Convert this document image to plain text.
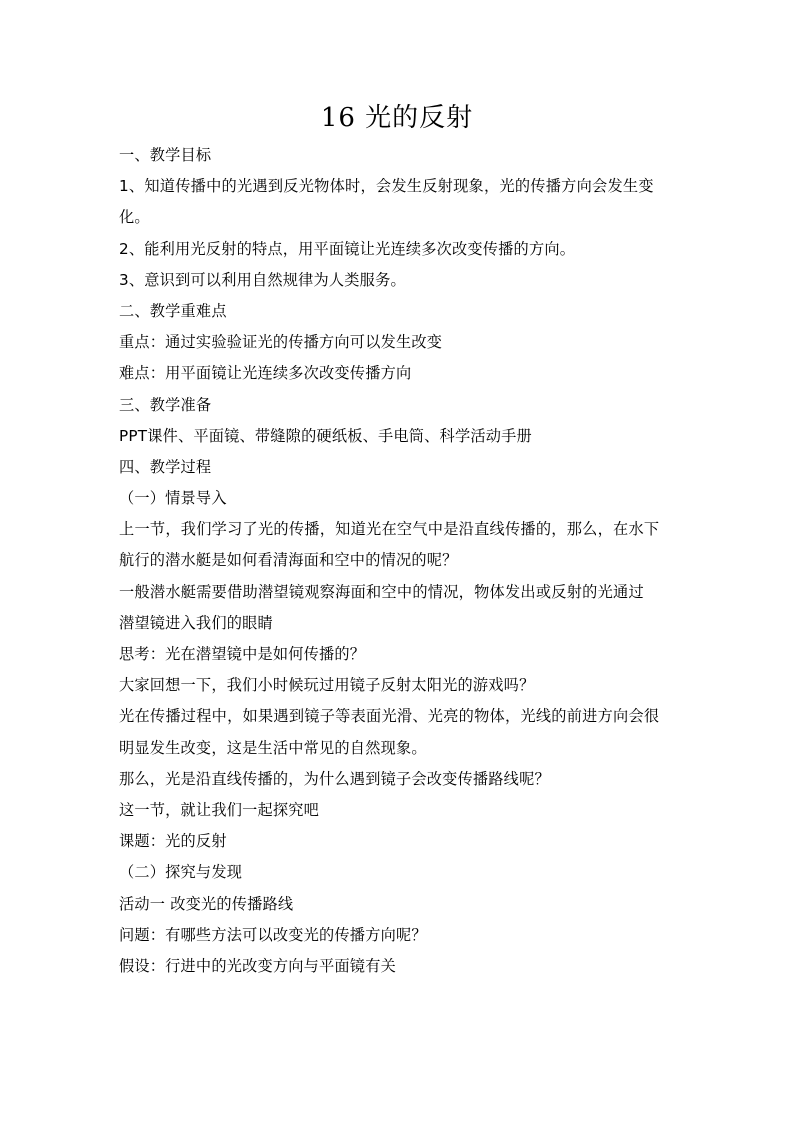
16 光的反射
一、教学目标
1、知道传播中的光遇到反光物体时，会发生反射现象，光的传播方向会发生变
化。
2、能利用光反射的特点，用平面镜让光连续多次改变传播的方向。
3、意识到可以利用自然规律为人类服务。
二、教学重难点
重点：通过实验验证光的传播方向可以发生改变
难点：用平面镜让光连续多次改变传播方向
三、教学准备
PPT课件、平面镜、带缝隙的硬纸板、手电筒、科学活动手册
四、教学过程
（一）情景导入
上一节，我们学习了光的传播，知道光在空气中是沿直线传播的，那么，在水下
航行的潜水艇是如何看清海面和空中的情况的呢？
一般潜水艇需要借助潜望镜观察海面和空中的情况，物体发出或反射的光通过
潜望镜进入我们的眼睛
思考：光在潜望镜中是如何传播的？
大家回想一下，我们小时候玩过用镜子反射太阳光的游戏吗？
光在传播过程中，如果遇到镜子等表面光滑、光亮的物体，光线的前进方向会很
明显发生改变，这是生活中常见的自然现象。
那么，光是沿直线传播的，为什么遇到镜子会改变传播路线呢？
这一节，就让我们一起探究吧
课题：光的反射
（二）探究与发现
活动一 改变光的传播路线
问题：有哪些方法可以改变光的传播方向呢？
假设：行进中的光改变方向与平面镜有关
